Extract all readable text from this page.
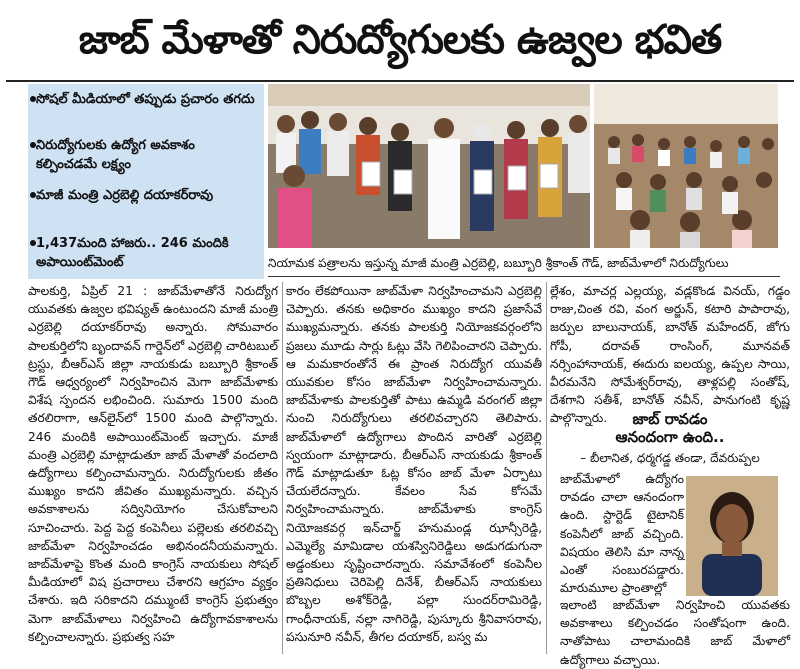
జాబ్ మేళాతో నిరుద్యోగులకు ఉజ్వల భవిత
సోషల్ మీడియాలో తప్పుడు ప్రచారం తగదు
నిరుద్యోగులకు ఉద్యోగ అవకాశం కల్పించడమే లక్ష్యం
మాజీ మంత్రి ఎర్రబెల్లి దయాకర్‌రావు
1,437మంది హాజరు.. 246 మందికి అపాయింట్‌మెంట్	నియామక పత్రాలను ఇస్తున్న మాజీ మంత్రి ఎర్రబెల్లి, బబ్బూరి శ్రీకాంత్ గౌడ్, జాబ్‌మేళాలో నిరుద్యోగులు
పాలకుర్తి, ఏప్రిల్ 21 : జాబ్‌మేళాతోనే నిరుద్యోగ యువతకు ఉజ్వల భవిష్యత్ ఉంటుందని మాజీ మంత్రి ఎర్రబెల్లి దయాకర్‌రావు అన్నారు. సోమవారం పాలకుర్తిలోని బృందావన్ గార్డెన్‌లో ఎర్రబెల్లి చారిటబుల్ ట్రస్టు, బీఆర్ఎస్ జిల్లా నాయకుడు బబ్బూరి శ్రీకాంత్ గౌడ్ ఆధ్వర్యంలో నిర్వహించిన మెగా జాబ్‌మేళాకు విశేష స్పందన లభించింది. సుమారు 1500 మంది తరలిరాగా, ఆన్‌లైన్‌లో 1500 మంది పాల్గొన్నారు. 246 మందికి అపాయింట్‌మెంట్ ఇచ్చారు. మాజీ మంత్రి ఎర్రబెల్లి మాట్లాడుతూ జాబ్ మేళాతో వందలాది ఉద్యోగాలు కల్పించామన్నారు. నిరుద్యోగులకు జీతం ముఖ్యం కాదని జీవితం ముఖ్యమన్నారు. వచ్చిన అవకాశాలను సద్వినియోగం చేసుకోవాలని సూచించారు. పెద్ద పెద్ద కంపెనీలు పల్లెలకు తరలివచ్చి జాబ్‌మేళా నిర్వహించడం అభినందనీయమన్నారు. జాబ్‌మేళాపై కొంత మంది కాంగ్రెస్ నాయకులు సోషల్ మీడియాలో విష ప్రచారాలు చేశారని ఆగ్రహం వ్యక్తం చేశారు. ఇది సరికాదని దమ్ముంటే కాంగ్రెస్ ప్రభుత్వం మెగా జాబ్‌మేళాలు నిర్వహించి ఉద్యోగావకాశాలను కల్పించాలన్నారు. ప్రభుత్వ సహ
కారం లేకపోయినా జాబ్‌మేళా నిర్వహించామని ఎర్రబెల్లి చెప్పారు. తనకు అధికారం ముఖ్యం కాదని ప్రజాసేవే ముఖ్యమన్నారు. తనకు పాలకుర్తి నియోజకవర్గంలోని ప్రజలు మూడు సార్లు ఓట్లు వేసి గెలిపించారని చెప్పారు. ఆ మమకారంతోనే ఈ ప్రాంత నిరుద్యోగ యువతీ యువకుల కోసం జాబ్‌మేళా నిర్వహించామన్నారు. జాబ్‌మేళాకు పాలకుర్తితో పాటు ఉమ్మడి వరంగల్ జిల్లా నుంచి నిరుద్యోగులు తరలివచ్చారని తెలిపారు. జాబ్‌మేళాలో ఉద్యోగాలు పొందిన వారితో ఎర్రబెల్లి స్వయంగా మాట్లాడారు. బీఆర్ఎస్ నాయకుడు శ్రీకాంత్ గౌడ్ మాట్లాడుతూ ఓట్ల కోసం జాబ్ మేళా ఏర్పాటు చేయలేదన్నారు. కేవలం సేవ కోసమే నిర్వహించామన్నారు. జాబ్‌మేళాకు కాంగ్రెస్ నియోజకవర్గ ఇన్‌చార్జ్ హనుమండ్ల ఝాన్సీరెడ్డి, ఎమ్మెల్యే మామిడాల యశస్వినిరెడ్డిలు అడుగడుగునా అడ్డంకులు సృష్టించారన్నారు. సమావేశంలో కంపెనీల ప్రతినిధులు చెరిపెల్లి దినేశ్, బీఆర్ఎస్ నాయకులు బొబ్బల అశోక్‌రెడ్డి, పల్లా సుందర్‌రామిరెడ్డి, గాంధీనాయక్, నల్లా నాగిరెడ్డి, పుస్కూరు శ్రీనివాసరావు, పసునూరి నవీన్, తీగల దయాకర్, బస్వ మ
ల్లేశం, మాచర్ల ఎల్లయ్య, వడ్లకొండ వినయ్, గడ్డం రాజు,చింత రవి, వంగ అర్జున్, కటారి పాపారావు, జర్పుల బాలునాయక్, బానోత్ మహేందర్, జోగు గోపీ, దరావత్ రాంసింగ్, మూనవత్ నర్సింహానాయక్, ఈదురు ఐలయ్య, ఉప్పల సాయి, వీరమనేని సోమేశ్వర్‌రావు, తాళ్లపల్లి సంతోష్, దేశగాని సతీశ్, బానోత్ నవీన్, పానుగంటి కృష్ణ పాల్గొన్నారు.	జాబ్ రావడం
ఆనందంగా ఉంది..
– బీలానిత, ధర్మగడ్డ తండా, దేవరుప్పల
జాబ్‌మేళాలో ఉద్యోగం రావడం చాలా ఆనందంగా ఉంది. స్టార్టెడ్ టైటానిక్ కంపెనీలో జాబ్ వచ్చింది. విషయం తెలిసి మా నాన్న ఎంతో సంబురపడ్డారు. మారుమూల ప్రాంతాల్లో
ఇలాంటి జాబ్‌మేళా నిర్వహించి యువతకు అవకాశాలు కల్పించడం సంతోషంగా ఉంది. నాతోపాటు చాలామందికి జాబ్ మేళాలో ఉద్యోగాలు వచ్చాయి.
